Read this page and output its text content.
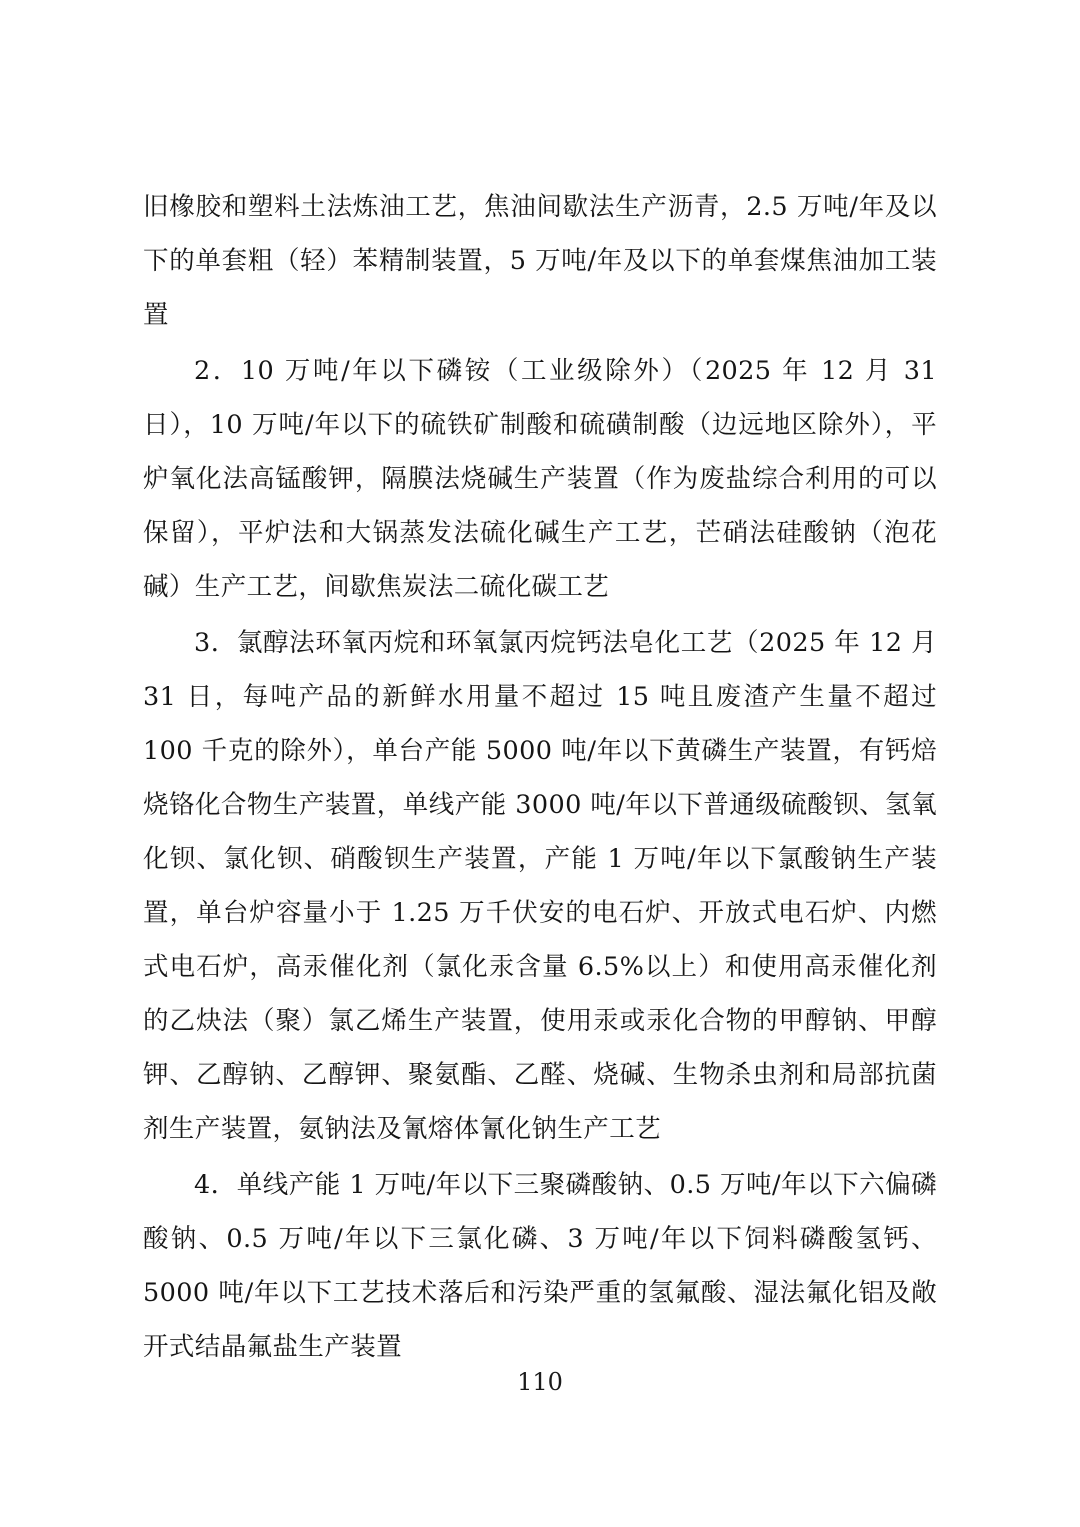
旧橡胶和塑料土法炼油工艺，焦油间歇法生产沥青，2.5 万吨/年及以下的单套粗（轻）苯精制装置，5 万吨/年及以下的单套煤焦油加工装置

2．10 万吨/年以下磷铵（工业级除外）（2025 年 12 月 31 日），10 万吨/年以下的硫铁矿制酸和硫磺制酸（边远地区除外），平炉氧化法高锰酸钾，隔膜法烧碱生产装置（作为废盐综合利用的可以保留），平炉法和大锅蒸发法硫化碱生产工艺，芒硝法硅酸钠（泡花碱）生产工艺，间歇焦炭法二硫化碳工艺

3．氯醇法环氧丙烷和环氧氯丙烷钙法皂化工艺（2025 年 12 月 31 日，每吨产品的新鲜水用量不超过 15 吨且废渣产生量不超过 100 千克的除外），单台产能 5000 吨/年以下黄磷生产装置，有钙焙烧铬化合物生产装置，单线产能 3000 吨/年以下普通级硫酸钡、氢氧化钡、氯化钡、硝酸钡生产装置，产能 1 万吨/年以下氯酸钠生产装置，单台炉容量小于 1.25 万千伏安的电石炉、开放式电石炉、内燃式电石炉，高汞催化剂（氯化汞含量 6.5%以上）和使用高汞催化剂的乙炔法（聚）氯乙烯生产装置，使用汞或汞化合物的甲醇钠、甲醇钾、乙醇钠、乙醇钾、聚氨酯、乙醛、烧碱、生物杀虫剂和局部抗菌剂生产装置，氨钠法及氰熔体氰化钠生产工艺

4．单线产能 1 万吨/年以下三聚磷酸钠、0.5 万吨/年以下六偏磷酸钠、0.5 万吨/年以下三氯化磷、3 万吨/年以下饲料磷酸氢钙、5000 吨/年以下工艺技术落后和污染严重的氢氟酸、湿法氟化铝及敞开式结晶氟盐生产装置

110
